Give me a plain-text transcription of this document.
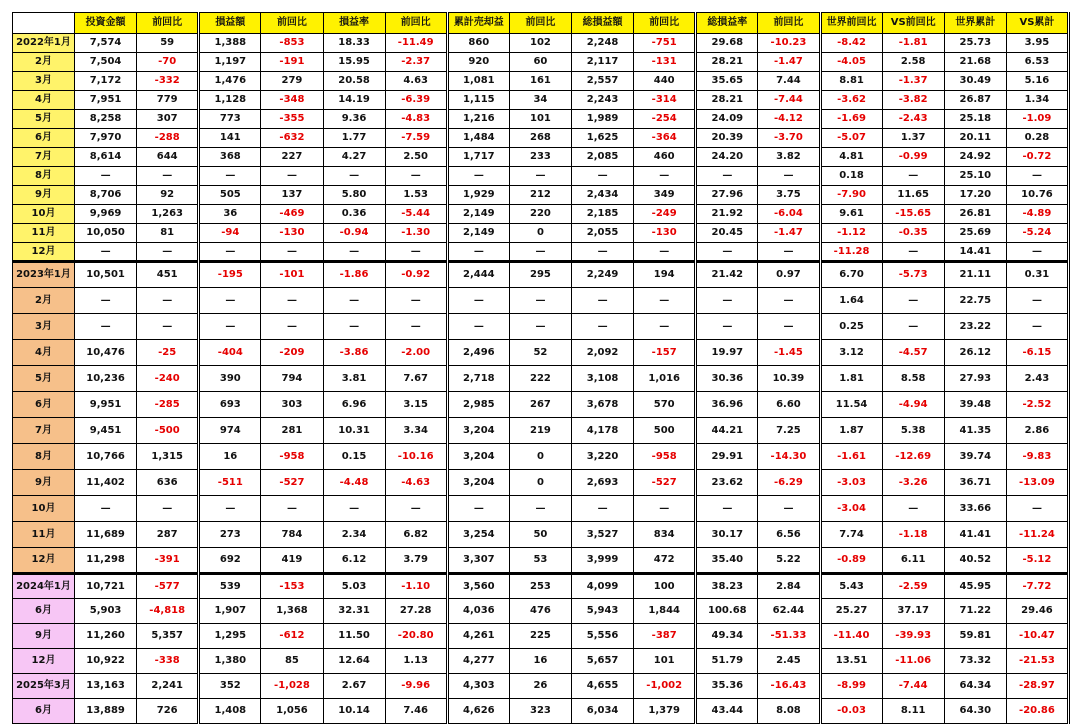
	投資金額	前回比	損益額	前回比	損益率	前回比	累計売却益	前回比	総損益額	前回比	総損益率	前回比	世界前回比	VS前回比	世界累計	VS累計
2022年1月	7,574	59	1,388	-853	18.33	-11.49	860	102	2,248	-751	29.68	-10.23	-8.42	-1.81	25.73	3.95
2月	7,504	-70	1,197	-191	15.95	-2.37	920	60	2,117	-131	28.21	-1.47	-4.05	2.58	21.68	6.53
3月	7,172	-332	1,476	279	20.58	4.63	1,081	161	2,557	440	35.65	7.44	8.81	-1.37	30.49	5.16
4月	7,951	779	1,128	-348	14.19	-6.39	1,115	34	2,243	-314	28.21	-7.44	-3.62	-3.82	26.87	1.34
5月	8,258	307	773	-355	9.36	-4.83	1,216	101	1,989	-254	24.09	-4.12	-1.69	-2.43	25.18	-1.09
6月	7,970	-288	141	-632	1.77	-7.59	1,484	268	1,625	-364	20.39	-3.70	-5.07	1.37	20.11	0.28
7月	8,614	644	368	227	4.27	2.50	1,717	233	2,085	460	24.20	3.82	4.81	-0.99	24.92	-0.72
8月	—	—	—	—	—	—	—	—	—	—	—	—	0.18	—	25.10	—
9月	8,706	92	505	137	5.80	1.53	1,929	212	2,434	349	27.96	3.75	-7.90	11.65	17.20	10.76
10月	9,969	1,263	36	-469	0.36	-5.44	2,149	220	2,185	-249	21.92	-6.04	9.61	-15.65	26.81	-4.89
11月	10,050	81	-94	-130	-0.94	-1.30	2,149	0	2,055	-130	20.45	-1.47	-1.12	-0.35	25.69	-5.24
12月	—	—	—	—	—	—	—	—	—	—	—	—	-11.28	—	14.41	—
2023年1月	10,501	451	-195	-101	-1.86	-0.92	2,444	295	2,249	194	21.42	0.97	6.70	-5.73	21.11	0.31
2月	—	—	—	—	—	—	—	—	—	—	—	—	1.64	—	22.75	—
3月	—	—	—	—	—	—	—	—	—	—	—	—	0.25	—	23.22	—
4月	10,476	-25	-404	-209	-3.86	-2.00	2,496	52	2,092	-157	19.97	-1.45	3.12	-4.57	26.12	-6.15
5月	10,236	-240	390	794	3.81	7.67	2,718	222	3,108	1,016	30.36	10.39	1.81	8.58	27.93	2.43
6月	9,951	-285	693	303	6.96	3.15	2,985	267	3,678	570	36.96	6.60	11.54	-4.94	39.48	-2.52
7月	9,451	-500	974	281	10.31	3.34	3,204	219	4,178	500	44.21	7.25	1.87	5.38	41.35	2.86
8月	10,766	1,315	16	-958	0.15	-10.16	3,204	0	3,220	-958	29.91	-14.30	-1.61	-12.69	39.74	-9.83
9月	11,402	636	-511	-527	-4.48	-4.63	3,204	0	2,693	-527	23.62	-6.29	-3.03	-3.26	36.71	-13.09
10月	—	—	—	—	—	—	—	—	—	—	—	—	-3.04	—	33.66	—
11月	11,689	287	273	784	2.34	6.82	3,254	50	3,527	834	30.17	6.56	7.74	-1.18	41.41	-11.24
12月	11,298	-391	692	419	6.12	3.79	3,307	53	3,999	472	35.40	5.22	-0.89	6.11	40.52	-5.12
2024年1月	10,721	-577	539	-153	5.03	-1.10	3,560	253	4,099	100	38.23	2.84	5.43	-2.59	45.95	-7.72
6月	5,903	-4,818	1,907	1,368	32.31	27.28	4,036	476	5,943	1,844	100.68	62.44	25.27	37.17	71.22	29.46
9月	11,260	5,357	1,295	-612	11.50	-20.80	4,261	225	5,556	-387	49.34	-51.33	-11.40	-39.93	59.81	-10.47
12月	10,922	-338	1,380	85	12.64	1.13	4,277	16	5,657	101	51.79	2.45	13.51	-11.06	73.32	-21.53
2025年3月	13,163	2,241	352	-1,028	2.67	-9.96	4,303	26	4,655	-1,002	35.36	-16.43	-8.99	-7.44	64.34	-28.97
6月	13,889	726	1,408	1,056	10.14	7.46	4,626	323	6,034	1,379	43.44	8.08	-0.03	8.11	64.30	-20.86
